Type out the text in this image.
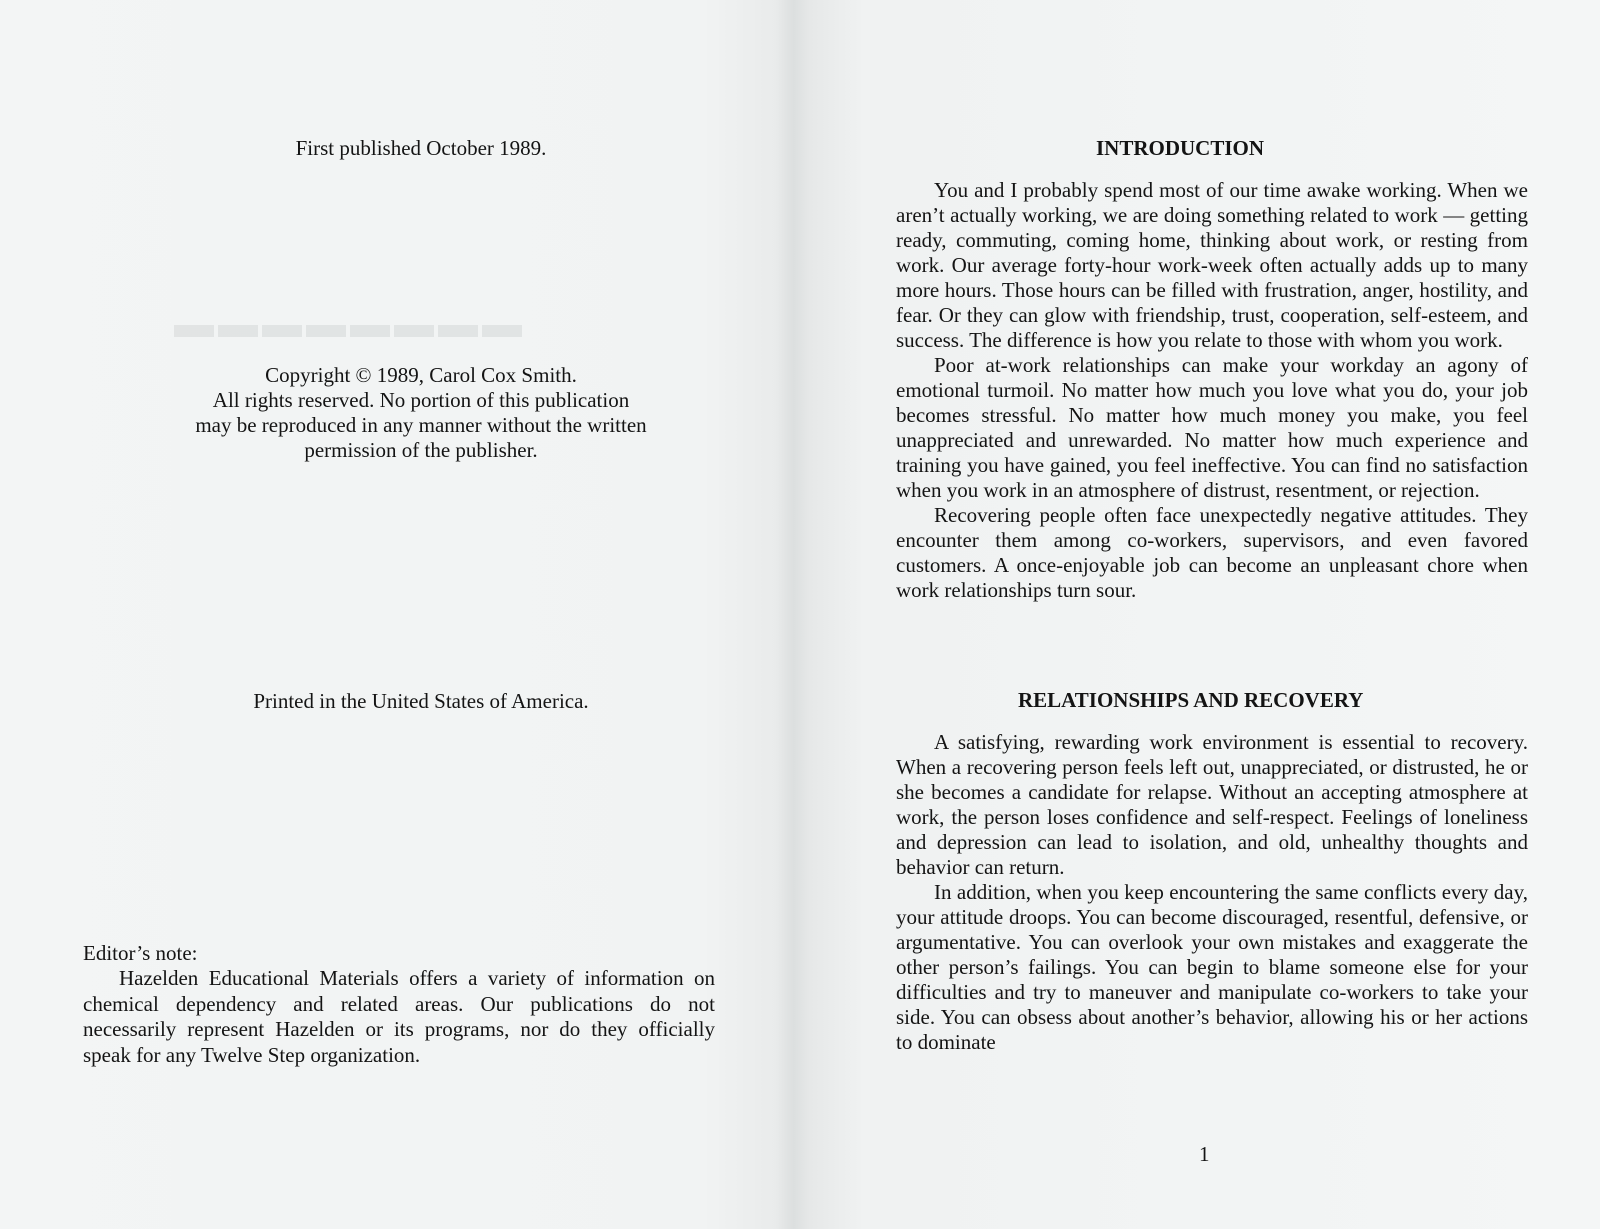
▬▬▬▬▬▬▬▬

First published October 1989.

Copyright © 1989, Carol Cox Smith.

All rights reserved. No portion of this publication

may be reproduced in any manner without the written

permission of the publisher.

Printed in the United States of America.

Editor’s note:

Hazelden Educational Materials offers a variety of information on chemical dependency and related areas. Our publications do not necessarily represent Hazelden or its programs, nor do they officially speak for any Twelve Step organization.

INTRODUCTION

You and I probably spend most of our time awake working. When we aren’t actually working, we are doing something related to work — getting ready, commuting, coming home, thinking about work, or resting from work. Our average forty-hour work-week often actually adds up to many more hours. Those hours can be filled with frustration, anger, hostility, and fear. Or they can glow with friendship, trust, cooperation, self-esteem, and success. The difference is how you relate to those with whom you work.

Poor at-work relationships can make your workday an agony of emotional turmoil. No matter how much you love what you do, your job becomes stressful. No matter how much money you make, you feel unappreciated and unrewarded. No matter how much experience and training you have gained, you feel ineffective. You can find no satisfaction when you work in an atmosphere of distrust, resentment, or rejection.

Recovering people often face unexpectedly negative attitudes. They encounter them among co-workers, supervisors, and even favored customers. A once-enjoyable job can become an unpleasant chore when work relationships turn sour.

RELATIONSHIPS AND RECOVERY

A satisfying, rewarding work environment is essential to recovery. When a recovering person feels left out, unappreciated, or distrusted, he or she becomes a candidate for relapse. Without an accepting atmosphere at work, the person loses confidence and self-respect. Feelings of loneliness and depression can lead to isolation, and old, unhealthy thoughts and behavior can return.

In addition, when you keep encountering the same conflicts every day, your attitude droops. You can become discouraged, resentful, defensive, or argumentative. You can overlook your own mistakes and exaggerate the other person’s failings. You can begin to blame someone else for your difficulties and try to maneuver and manipulate co-workers to take your side. You can obsess about another’s behavior, allowing his or her actions to dominate

1
